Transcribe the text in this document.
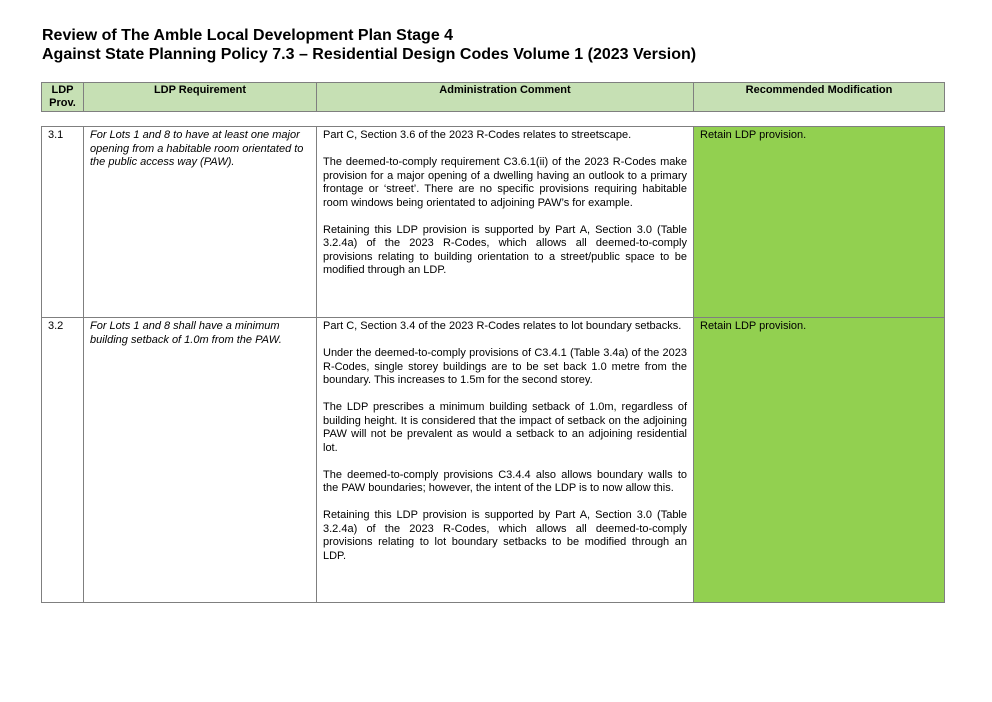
Review of The Amble Local Development Plan Stage 4
Against State Planning Policy 7.3 – Residential Design Codes Volume 1 (2023 Version)
LDP Prov.	LDP Requirement	Administration Comment	Recommended Modification
3.1	For Lots 1 and 8 to have at least one major opening from a habitable room orientated to the public access way (PAW).	Part C, Section 3.6 of the 2023 R-Codes relates to streetscape.

The deemed-to-comply requirement C3.6.1(ii) of the 2023 R-Codes make provision for a major opening of a dwelling having an outlook to a primary frontage or ‘street’. There are no specific provisions requiring habitable room windows being orientated to adjoining PAW’s for example.

Retaining this LDP provision is supported by Part A, Section 3.0 (Table 3.2.4a) of the 2023 R-Codes, which allows all deemed-to-comply provisions relating to building orientation to a street/public space to be modified through an LDP.	Retain LDP provision.
3.2	For Lots 1 and 8 shall have a minimum building setback of 1.0m from the PAW.	Part C, Section 3.4 of the 2023 R-Codes relates to lot boundary setbacks.

Under the deemed-to-comply provisions of C3.4.1 (Table 3.4a) of the 2023 R-Codes, single storey buildings are to be set back 1.0 metre from the boundary. This increases to 1.5m for the second storey.

The LDP prescribes a minimum building setback of 1.0m, regardless of building height. It is considered that the impact of setback on the adjoining PAW will not be prevalent as would a setback to an adjoining residential lot.

The deemed-to-comply provisions C3.4.4 also allows boundary walls to the PAW boundaries; however, the intent of the LDP is to now allow this.

Retaining this LDP provision is supported by Part A, Section 3.0 (Table 3.2.4a) of the 2023 R-Codes, which allows all deemed-to-comply provisions relating to lot boundary setbacks to be modified through an LDP.	Retain LDP provision.
